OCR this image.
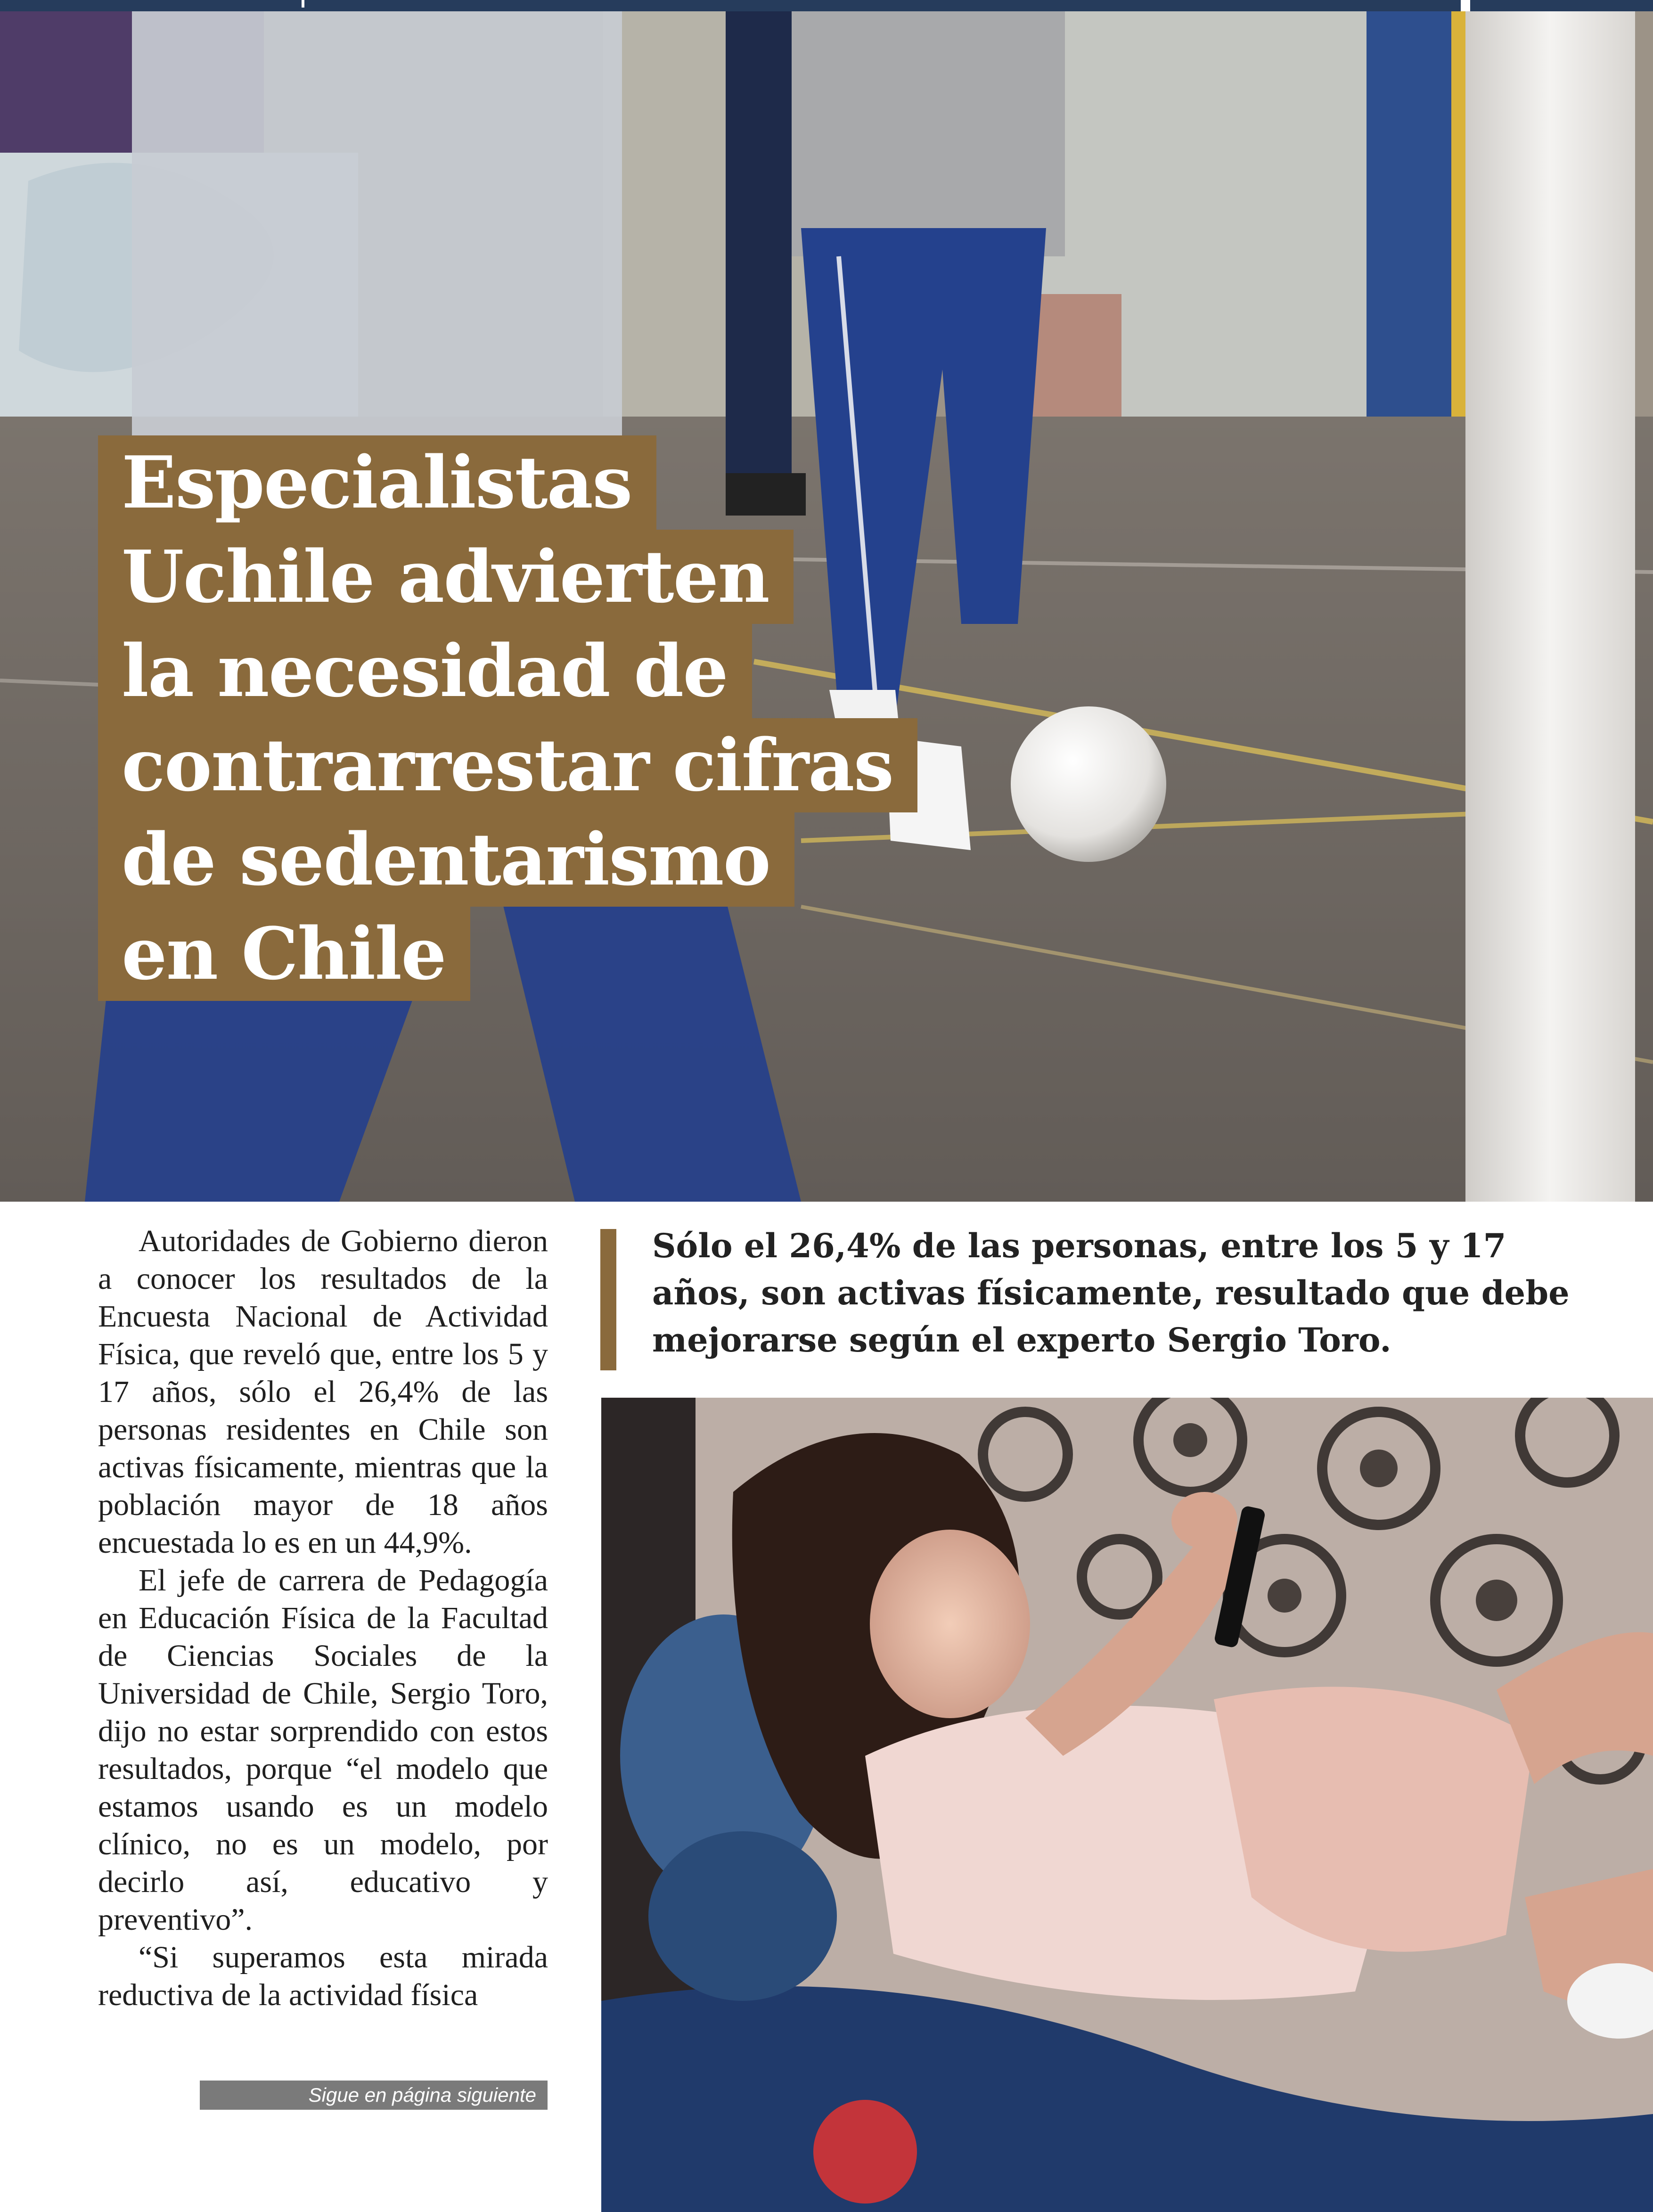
Especialistas
Uchile advierten
la necesidad de
contrarrestar cifras
de sedentarismo
en Chile

Autoridades de Gobierno dieron a conocer los resultados de la Encuesta Nacional de Actividad Física, que reveló que, entre los 5 y 17 años, sólo el 26,4% de las personas residentes en Chile son activas físicamente, mientras que la población mayor de 18 años encuestada lo es en un 44,9%.

El jefe de carrera de Pedagogía en Educación Física de la Facultad de Ciencias Sociales de la Universidad de Chile, Sergio Toro, dijo no estar sorprendido con estos resultados, porque “el modelo que estamos usando es un modelo clínico, no es un modelo, por decirlo así, educativo y preventivo”.

“Si superamos esta mirada reductiva de la actividad física

Sigue en página siguiente

Sólo el 26,4% de las personas, entre los 5 y 17 años, son activas físicamente, resultado que debe mejorarse según el experto Sergio Toro.
